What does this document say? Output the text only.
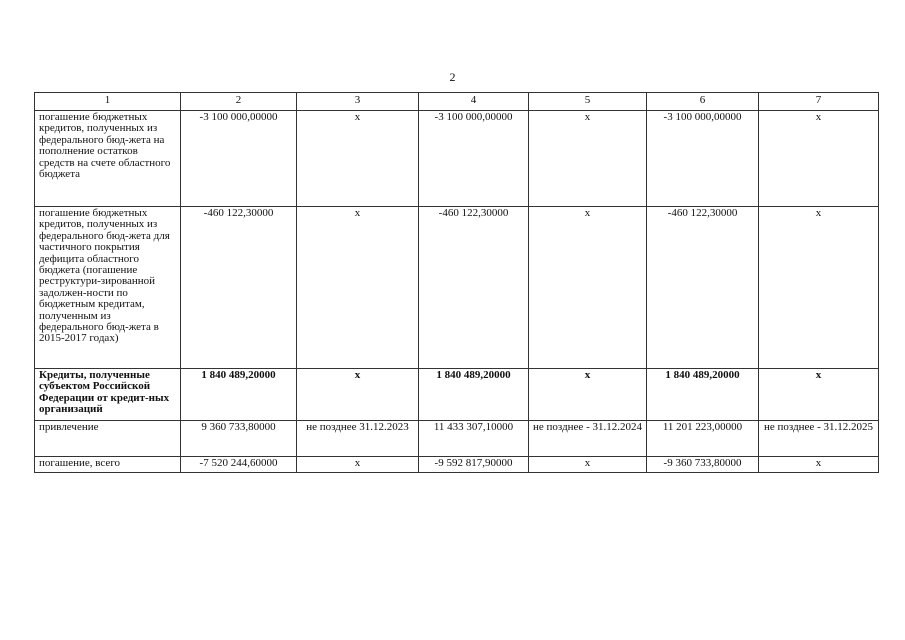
2
1	2	3	4	5	6	7
погашение бюджетных кредитов, полученных из федерального бюд-жета на пополнение остатков средств на счете областного бюджета	-3 100 000,00000	х	-3 100 000,00000	х	-3 100 000,00000	х
погашение бюджетных кредитов, полученных из федерального бюд-жета для частичного покрытия дефицита областного бюджета (погашение реструктури-зированной задолжен-ности по бюджетным кредитам, полученным из федерального бюд-жета в 2015-2017 годах)	-460 122,30000	х	-460 122,30000	х	-460 122,30000	х
Кредиты, полученные субъектом Российской Федерации от кредит-ных организаций	1 840 489,20000	х	1 840 489,20000	х	1 840 489,20000	х
привлечение	9 360 733,80000	не позднее 31.12.2023	11 433 307,10000	не позднее - 31.12.2024	11 201 223,00000	не позднее - 31.12.2025
погашение, всего	-7 520 244,60000	х	-9 592 817,90000	х	-9 360 733,80000	х
